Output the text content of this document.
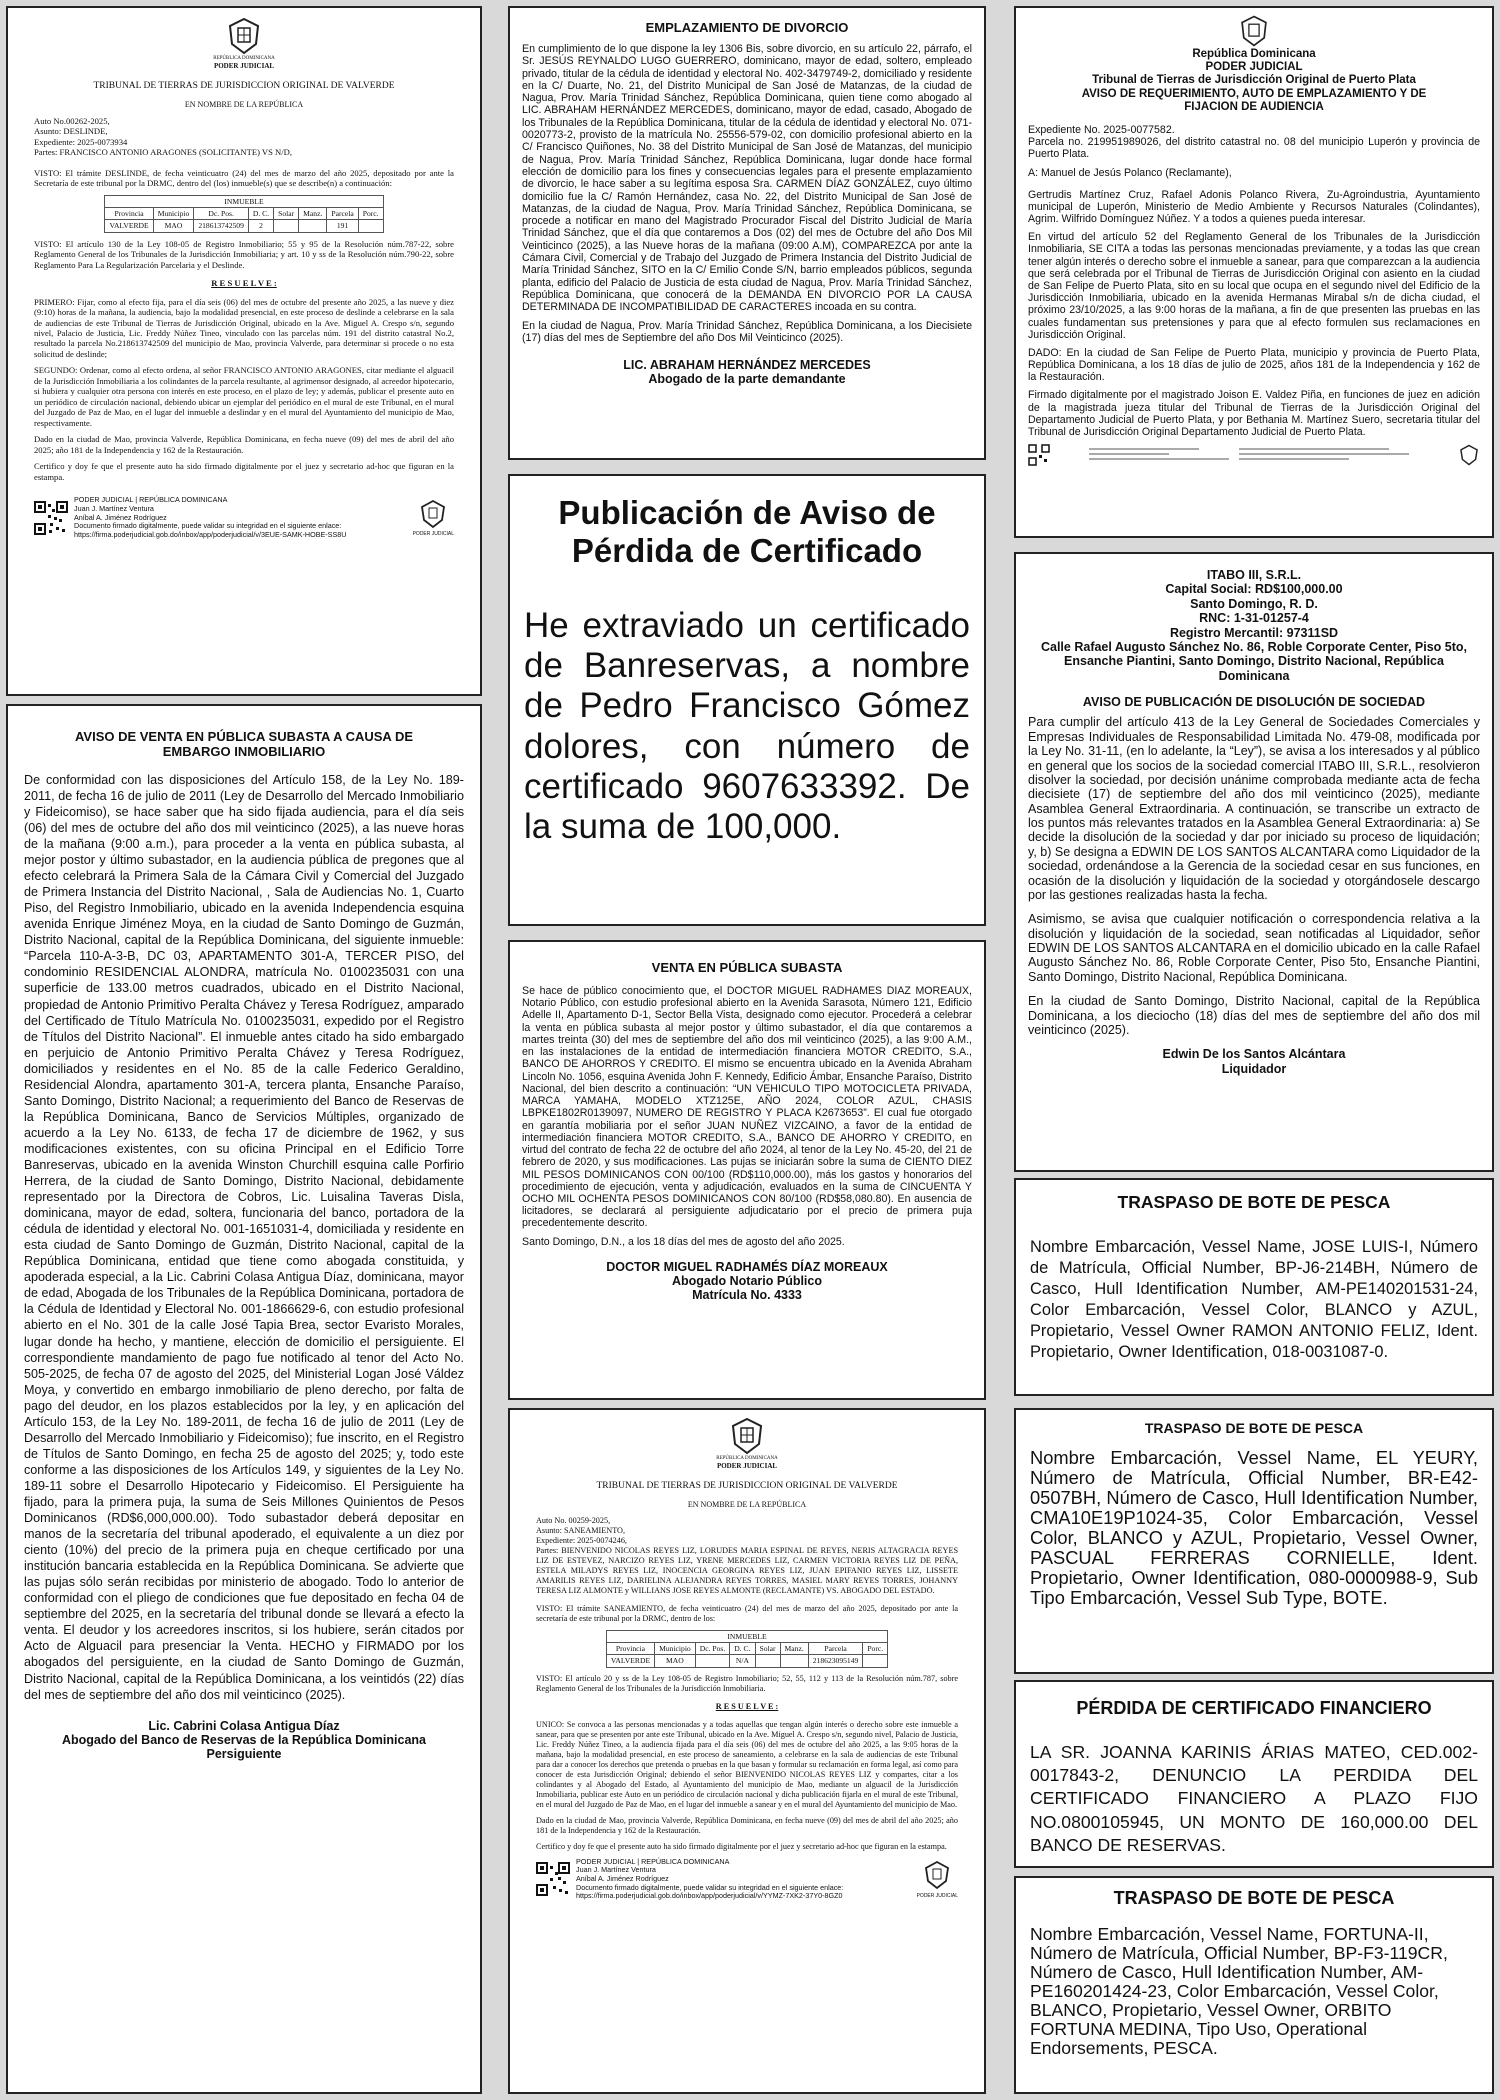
REPÚBLICA DOMINICANA
PODER JUDICIAL
TRIBUNAL DE TIERRAS DE JURISDICCION ORIGINAL DE VALVERDE
EN NOMBRE DE LA REPÚBLICA
Auto No.00262-2025,
Asunto: DESLINDE,
Expediente: 2025-0073934
Partes: FRANCISCO ANTONIO ARAGONES (SOLICITANTE) VS N/D,

VISTO: El trámite DESLINDE, de fecha veinticuatro (24) del mes de marzo del año 2025, depositado por ante la Secretaría de este tribunal por la DRMC, dentro del (los) inmueble(s) que se describe(n) a continuación:

INMUEBLE							
Provincia	Municipio	Dc. Pos.	D. C.	Solar	Manz.	Parcela	Porc.
VALVERDE	MAO	218613742509	2			191	

VISTO: El artículo 130 de la Ley 108-05 de Registro Inmobiliario; 55 y 95 de la Resolución núm.787-22, sobre Reglamento General de los Tribunales de la Jurisdicción Inmobiliaria; y art. 10 y ss de la Resolución núm.790-22, sobre Reglamento Para La Regularización Parcelaria y el Deslinde.

R E S U E L V E :

PRIMERO: Fijar, como al efecto fija, para el día seis (06) del mes de octubre del presente año 2025, a las nueve y diez (9:10) horas de la mañana, la audiencia, bajo la modalidad presencial, en este proceso de deslinde a celebrarse en la sala de audiencias de este Tribunal de Tierras de Jurisdicción Original, ubicado en la Ave. Miguel A. Crespo s/n, segundo nivel, Palacio de Justicia, Lic. Freddy Núñez Tineo, vinculado con las parcelas núm. 191 del distrito catastral No.2, resultado la parcela No.218613742509 del municipio de Mao, provincia Valverde, para determinar si procede o no esta solicitud de deslinde;

SEGUNDO: Ordenar, como al efecto ordena, al señor FRANCISCO ANTONIO ARAGONES, citar mediante el alguacil de la Jurisdicción Inmobiliaria a los colindantes de la parcela resultante, al agrimensor designado, al acreedor hipotecario, si hubiera y cualquier otra persona con interés en este proceso, en el plazo de ley; y además, publicar el presente auto en un periódico de circulación nacional, debiendo ubicar un ejemplar del periódico en el mural de este Tribunal, en el mural del Juzgado de Paz de Mao, en el lugar del inmueble a deslindar y en el mural del Ayuntamiento del municipio de Mao, respectivamente.

Dado en la ciudad de Mao, provincia Valverde, República Dominicana, en fecha nueve (09) del mes de abril del año 2025; año 181 de la Independencia y 162 de la Restauración.

Certifico y doy fe que el presente auto ha sido firmado digitalmente por el juez y secretario ad-hoc que figuran en la estampa.

PODER JUDICIAL | REPÚBLICA DOMINICANA
Juan J. Martínez Ventura
Aníbal A. Jiménez Rodríguez
Documento firmado digitalmente, puede validar su integridad en el siguiente enlace:
https://firma.poderjudicial.gob.do/inbox/app/poderjudicial/v/3EUE-SAMK-HOBE-SS8U	PODER JUDICIAL
AVISO DE VENTA EN PÚBLICA SUBASTA A CAUSA DE EMBARGO INMOBILIARIO

De conformidad con las disposiciones del Artículo 158, de la Ley No. 189-2011, de fecha 16 de julio de 2011 (Ley de Desarrollo del Mercado Inmobiliario y Fideicomiso), se hace saber que ha sido fijada audiencia, para el día seis (06) del mes de octubre del año dos mil veinticinco (2025), a las nueve horas de la mañana (9:00 a.m.), para proceder a la venta en pública subasta, al mejor postor y último subastador, en la audiencia pública de pregones que al efecto celebrará la Primera Sala de la Cámara Civil y Comercial del Juzgado de Primera Instancia del Distrito Nacional, , Sala de Audiencias No. 1, Cuarto Piso, del Registro Inmobiliario, ubicado en la avenida Independencia esquina avenida Enrique Jiménez Moya, en la ciudad de Santo Domingo de Guzmán, Distrito Nacional, capital de la República Dominicana, del siguiente inmueble: “Parcela 110-A-3-B, DC 03, APARTAMENTO 301-A, TERCER PISO, del condominio RESIDENCIAL ALONDRA, matrícula No. 0100235031 con una superficie de 133.00 metros cuadrados, ubicado en el Distrito Nacional, propiedad de Antonio Primitivo Peralta Chávez y Teresa Rodríguez, amparado del Certificado de Título Matrícula No. 0100235031, expedido por el Registro de Títulos del Distrito Nacional”. El inmueble antes citado ha sido embargado en perjuicio de Antonio Primitivo Peralta Chávez y Teresa Rodríguez, domiciliados y residentes en el No. 85 de la calle Federico Geraldino, Residencial Alondra, apartamento 301-A, tercera planta, Ensanche Paraíso, Santo Domingo, Distrito Nacional; a requerimiento del Banco de Reservas de la República Dominicana, Banco de Servicios Múltiples, organizado de acuerdo a la Ley No. 6133, de fecha 17 de diciembre de 1962, y sus modificaciones existentes, con su oficina Principal en el Edificio Torre Banreservas, ubicado en la avenida Winston Churchill esquina calle Porfirio Herrera, de la ciudad de Santo Domingo, Distrito Nacional, debidamente representado por la Directora de Cobros, Lic. Luisalina Taveras Disla, dominicana, mayor de edad, soltera, funcionaria del banco, portadora de la cédula de identidad y electoral No. 001-1651031-4, domiciliada y residente en esta ciudad de Santo Domingo de Guzmán, Distrito Nacional, capital de la República Dominicana, entidad que tiene como abogada constituida, y apoderada especial, a la Lic. Cabrini Colasa Antigua Díaz, dominicana, mayor de edad, Abogada de los Tribunales de la República Dominicana, portadora de la Cédula de Identidad y Electoral No. 001-1866629-6, con estudio profesional abierto en el No. 301 de la calle José Tapia Brea, sector Evaristo Morales, lugar donde ha hecho, y mantiene, elección de domicilio el persiguiente. El correspondiente mandamiento de pago fue notificado al tenor del Acto No. 505-2025, de fecha 07 de agosto del 2025, del Ministerial Logan José Váldez Moya, y convertido en embargo inmobiliario de pleno derecho, por falta de pago del deudor, en los plazos establecidos por la ley, y en aplicación del Artículo 153, de la Ley No. 189-2011, de fecha 16 de julio de 2011 (Ley de Desarrollo del Mercado Inmobiliario y Fideicomiso); fue inscrito, en el Registro de Títulos de Santo Domingo, en fecha 25 de agosto del 2025; y, todo este conforme a las disposiciones de los Artículos 149, y siguientes de la Ley No. 189-11 sobre el Desarrollo Hipotecario y Fideicomiso. El Persiguiente ha fijado, para la primera puja, la suma de Seis Millones Quinientos de Pesos Dominicanos (RD$6,000,000.00). Todo subastador deberá depositar en manos de la secretaría del tribunal apoderado, el equivalente a un diez por ciento (10%) del precio de la primera puja en cheque certificado por una institución bancaria establecida en la República Dominicana. Se advierte que las pujas sólo serán recibidas por ministerio de abogado. Todo lo anterior de conformidad con el pliego de condiciones que fue depositado en fecha 04 de septiembre del 2025, en la secretaría del tribunal donde se llevará a efecto la venta. El deudor y los acreedores inscritos, si los hubiere, serán citados por Acto de Alguacil para presenciar la Venta. HECHO y FIRMADO por los abogados del persiguiente, en la ciudad de Santo Domingo de Guzmán, Distrito Nacional, capital de la República Dominicana, a los veintidós (22) días del mes de septiembre del año dos mil veinticinco (2025).

Lic. Cabrini Colasa Antigua Díaz
Abogado del Banco de Reservas de la República Dominicana
Persiguiente
EMPLAZAMIENTO DE DIVORCIO

En cumplimiento de lo que dispone la ley 1306 Bis, sobre divorcio, en su artículo 22, párrafo, el Sr. JESÚS REYNALDO LUGO GUERRERO, dominicano, mayor de edad, soltero, empleado privado, titular de la cédula de identidad y electoral No. 402-3479749-2, domiciliado y residente en la C/ Duarte, No. 21, del Distrito Municipal de San José de Matanzas, de la ciudad de Nagua, Prov. María Trinidad Sánchez, República Dominicana, quien tiene como abogado al LIC. ABRAHAM HERNÁNDEZ MERCEDES, dominicano, mayor de edad, casado, Abogado de los Tribunales de la República Dominicana, titular de la cédula de identidad y electoral No. 071-0020773-2, provisto de la matrícula No. 25556-579-02, con domicilio profesional abierto en la C/ Francisco Quiñones, No. 38 del Distrito Municipal de San José de Matanzas, del municipio de Nagua, Prov. María Trinidad Sánchez, República Dominicana, lugar donde hace formal elección de domicilio para los fines y consecuencias legales para el presente emplazamiento de divorcio, le hace saber a su legítima esposa Sra. CARMEN DÍAZ GONZÁLEZ, cuyo último domicilio fue la C/ Ramón Hernández, casa No. 22, del Distrito Municipal de San José de Matanzas, de la ciudad de Nagua, Prov. María Trinidad Sánchez, República Dominicana, se procede a notificar en mano del Magistrado Procurador Fiscal del Distrito Judicial de María Trinidad Sánchez, que el día que contaremos a Dos (02) del mes de Octubre del año Dos Mil Veinticinco (2025), a las Nueve horas de la mañana (09:00 A.M), COMPAREZCA por ante la Cámara Civil, Comercial y de Trabajo del Juzgado de Primera Instancia del Distrito Judicial de María Trinidad Sánchez, SITO en la C/ Emilio Conde S/N, barrio empleados públicos, segunda planta, edificio del Palacio de Justicia de esta ciudad de Nagua, Prov. María Trinidad Sánchez, República Dominicana, que conocerá de la DEMANDA EN DIVORCIO POR LA CAUSA DETERMINADA DE INCOMPATIBILIDAD DE CARACTERES incoada en su contra.

En la ciudad de Nagua, Prov. María Trinidad Sánchez, República Dominicana, a los Diecisiete (17) días del mes de Septiembre del año Dos Mil Veinticinco (2025).

LIC. ABRAHAM HERNÁNDEZ MERCEDES
Abogado de la parte demandante
Publicación de Aviso de Pérdida de Certificado

He extraviado un certificado de Banreservas, a nombre de Pedro Francisco Gómez dolores, con número de certificado 9607633392. De la suma de 100,000.

VENTA EN PÚBLICA SUBASTA

Se hace de público conocimiento que, el DOCTOR MIGUEL RADHAMES DIAZ MOREAUX, Notario Público, con estudio profesional abierto en la Avenida Sarasota, Número 121, Edificio Adelle II, Apartamento D-1, Sector Bella Vista, designado como ejecutor. Procederá a celebrar la venta en pública subasta al mejor postor y último subastador, el día que contaremos a martes treinta (30) del mes de septiembre del año dos mil veinticinco (2025), a las 9:00 A.M., en las instalaciones de la entidad de intermediación financiera MOTOR CREDITO, S.A., BANCO DE AHORROS Y CREDITO. El mismo se encuentra ubicado en la Avenida Abraham Lincoln No. 1056, esquina Avenida John F. Kennedy, Edificio Ámbar, Ensanche Paraíso, Distrito Nacional, del bien descrito a continuación: “UN VEHICULO TIPO MOTOCICLETA PRIVADA, MARCA YAMAHA, MODELO XTZ125E, AÑO 2024, COLOR AZUL, CHASIS LBPKE1802R0139097, NUMERO DE REGISTRO Y PLACA K2673653”. El cual fue otorgado en garantía mobiliaria por el señor JUAN NUÑEZ VIZCAINO, a favor de la entidad de intermediación financiera MOTOR CREDITO, S.A., BANCO DE AHORRO Y CREDITO, en virtud del contrato de fecha 22 de octubre del año 2024, al tenor de la Ley No. 45-20, del 21 de febrero de 2020, y sus modificaciones. Las pujas se iniciarán sobre la suma de CIENTO DIEZ MIL PESOS DOMINICANOS CON 00/100 (RD$110,000.00), más los gastos y honorarios del procedimiento de ejecución, venta y adjudicación, evaluados en la suma de CINCUENTA Y OCHO MIL OCHENTA PESOS DOMINICANOS CON 80/100 (RD$58,080.80). En ausencia de licitadores, se declarará al persiguiente adjudicatario por el precio de primera puja precedentemente descrito.

Santo Domingo, D.N., a los 18 días del mes de agosto del año 2025.

DOCTOR MIGUEL RADHAMÉS DÍAZ MOREAUX
Abogado Notario Público
Matrícula No. 4333
REPÚBLICA DOMINICANA
PODER JUDICIAL
TRIBUNAL DE TIERRAS DE JURISDICCION ORIGINAL DE VALVERDE
EN NOMBRE DE LA REPÚBLICA
Auto No. 00259-2025,
Asunto: SANEAMIENTO,
Expediente: 2025-0074246,
Partes: BIENVENIDO NICOLAS REYES LIZ, LORUDES MARIA ESPINAL DE REYES, NERIS ALTAGRACIA REYES LIZ DE ESTEVEZ, NARCIZO REYES LIZ, YRENE MERCEDES LIZ, CARMEN VICTORIA REYES LIZ DE PEÑA, ESTELA MILADYS REYES LIZ, INOCENCIA GEORGINA REYES LIZ, JUAN EPIFANIO REYES LIZ, LISSETE AMARILIS REYES LIZ, DARIELINA ALEJANDRA REYES TORRES, MASIEL MARY REYES TORRES, JOHANNY TERESA LIZ ALMONTE y WILLIANS JOSE REYES ALMONTE (RECLAMANTE) VS. ABOGADO DEL ESTADO.

VISTO: El trámite SANEAMIENTO, de fecha veinticuatro (24) del mes de marzo del año 2025, depositado por ante la secretaría de este tribunal por la DRMC, dentro de los:

INMUEBLE							
Provincia	Municipio	Dc. Pos.	D. C.	Solar	Manz.	Parcela	Porc.
VALVERDE	MAO		N/A			218623095149	

VISTO: El artículo 20 y ss de la Ley 108-05 de Registro Inmobiliario; 52, 55, 112 y 113 de la Resolución núm.787, sobre Reglamento General de los Tribunales de la Jurisdicción Inmobiliaria.

R E S U E L V E :

UNICO: Se convoca a las personas mencionadas y a todas aquellas que tengan algún interés o derecho sobre este inmueble a sanear, para que se presenten por ante este Tribunal, ubicado en la Ave. Miguel A. Crespo s/n, segundo nivel, Palacio de Justicia, Lic. Freddy Núñez Tineo, a la audiencia fijada para el día seis (06) del mes de octubre del año 2025, a las 9:05 horas de la mañana, bajo la modalidad presencial, en este proceso de saneamiento, a celebrarse en la sala de audiencias de este Tribunal para dar a conocer los derechos que pretenda o pruebas en la que basan y formular su reclamación en forma legal, así como para conocer de esta Jurisdicción Original; debiendo el señor BIENVENIDO NICOLAS REYES LIZ y compartes, citar a los colindantes y al Abogado del Estado, al Ayuntamiento del municipio de Mao, mediante un alguacil de la Jurisdicción Inmobiliaria, publicar este Auto en un periódico de circulación nacional y dicha publicación fijarla en el mural de este Tribunal, en el mural del Juzgado de Paz de Mao, en el lugar del inmueble a sanear y en el mural del Ayuntamiento del municipio de Mao.

Dado en la ciudad de Mao, provincia Valverde, República Dominicana, en fecha nueve (09) del mes de abril del año 2025; año 181 de la Independencia y 162 de la Restauración.

Certifico y doy fe que el presente auto ha sido firmado digitalmente por el juez y secretario ad-hoc que figuran en la estampa.

PODER JUDICIAL | REPÚBLICA DOMINICANA
Juan J. Martínez Ventura
Aníbal A. Jiménez Rodríguez
Documento firmado digitalmente, puede validar su integridad en el siguiente enlace:
https://firma.poderjudicial.gob.do/inbox/app/poderjudicial/v/YYMZ-7XK2-37Y0-8GZ0	PODER JUDICIAL
República Dominicana
PODER JUDICIAL
Tribunal de Tierras de Jurisdicción Original de Puerto Plata
AVISO DE REQUERIMIENTO, AUTO DE EMPLAZAMIENTO Y DE FIJACION DE AUDIENCIA
Expediente No. 2025-0077582.

Parcela no. 219951989026, del distrito catastral no. 08 del municipio Luperón y provincia de Puerto Plata.

A: Manuel de Jesús Polanco (Reclamante),

Gertrudis Martínez Cruz, Rafael Adonis Polanco Rivera, Zu-Agroindustria, Ayuntamiento municipal de Luperón, Ministerio de Medio Ambiente y Recursos Naturales (Colindantes), Agrim. Wilfrido Domínguez Núñez. Y a todos a quienes pueda interesar.

En virtud del artículo 52 del Reglamento General de los Tribunales de la Jurisdicción Inmobiliaria, SE CITA a todas las personas mencionadas previamente, y a todas las que crean tener algún interés o derecho sobre el inmueble a sanear, para que comparezcan a la audiencia que será celebrada por el Tribunal de Tierras de Jurisdicción Original con asiento en la ciudad de San Felipe de Puerto Plata, sito en su local que ocupa en el segundo nivel del Edificio de la Jurisdicción Inmobiliaria, ubicado en la avenida Hermanas Mirabal s/n de dicha ciudad, el próximo 23/10/2025, a las 9:00 horas de la mañana, a fin de que presenten las pruebas en las cuales fundamentan sus pretensiones y para que al efecto formulen sus reclamaciones en Jurisdicción Original.

DADO: En la ciudad de San Felipe de Puerto Plata, municipio y provincia de Puerto Plata, República Dominicana, a los 18 días de julio de 2025, años 181 de la Independencia y 162 de la Restauración.

Firmado digitalmente por el magistrado Joison E. Valdez Piña, en funciones de juez en adición de la magistrada jueza titular del Tribunal de Tierras de la Jurisdicción Original del Departamento Judicial de Puerto Plata, y por Bethania M. Martínez Suero, secretaria titular del Tribunal de Jurisdicción Original Departamento Judicial de Puerto Plata.

ITABO III, S.R.L.
Capital Social: RD$100,000.00
Santo Domingo, R. D.
RNC: 1-31-01257-4
Registro Mercantil: 97311SD
Calle Rafael Augusto Sánchez No. 86, Roble Corporate Center, Piso 5to,
Ensanche Piantini, Santo Domingo, Distrito Nacional, República Dominicana
AVISO DE PUBLICACIÓN DE DISOLUCIÓN DE SOCIEDAD

Para cumplir del artículo 413 de la Ley General de Sociedades Comerciales y Empresas Individuales de Responsabilidad Limitada No. 479-08, modificada por la Ley No. 31-11, (en lo adelante, la “Ley”), se avisa a los interesados y al público en general que los socios de la sociedad comercial ITABO III, S.R.L., resolvieron disolver la sociedad, por decisión unánime comprobada mediante acta de fecha diecisiete (17) de septiembre del año dos mil veinticinco (2025), mediante Asamblea General Extraordinaria. A continuación, se transcribe un extracto de los puntos más relevantes tratados en la Asamblea General Extraordinaria: a) Se decide la disolución de la sociedad y dar por iniciado su proceso de liquidación; y, b) Se designa a EDWIN DE LOS SANTOS ALCANTARA como Liquidador de la sociedad, ordenándose a la Gerencia de la sociedad cesar en sus funciones, en ocasión de la disolución y liquidación de la sociedad y otorgándosele descargo por las gestiones realizadas hasta la fecha.

Asimismo, se avisa que cualquier notificación o correspondencia relativa a la disolución y liquidación de la sociedad, sean notificadas al Liquidador, señor EDWIN DE LOS SANTOS ALCANTARA en el domicilio ubicado en la calle Rafael Augusto Sánchez No. 86, Roble Corporate Center, Piso 5to, Ensanche Piantini, Santo Domingo, Distrito Nacional, República Dominicana.

En la ciudad de Santo Domingo, Distrito Nacional, capital de la República Dominicana, a los dieciocho (18) días del mes de septiembre del año dos mil veinticinco (2025).

Edwin De los Santos Alcántara
Liquidador
TRASPASO DE BOTE DE PESCA

Nombre Embarcación, Vessel Name, JOSE LUIS-I, Número de Matrícula, Official Number, BP-J6-214BH, Número de Casco, Hull Identification Number, AM-PE140201531-24, Color Embarcación, Vessel Color, BLANCO y AZUL, Propietario, Vessel Owner RAMON ANTONIO FELIZ, Ident. Propietario, Owner Identification, 018-0031087-0.

TRASPASO DE BOTE DE PESCA

Nombre Embarcación, Vessel Name, EL YEURY, Número de Matrícula, Official Number, BR-E42-0507BH, Número de Casco, Hull Identification Number, CMA10E19P1024-35, Color Embarcación, Vessel Color, BLANCO y AZUL, Propietario, Vessel Owner, PASCUAL FERRERAS CORNIELLE, Ident. Propietario, Owner Identification, 080-0000988-9, Sub Tipo Embarcación, Vessel Sub Type, BOTE.

PÉRDIDA DE CERTIFICADO FINANCIERO

LA SR. JOANNA KARINIS ÁRIAS MATEO, CED.002-0017843-2, DENUNCIO LA PERDIDA DEL CERTIFICADO FINANCIERO A PLAZO FIJO NO.0800105945, UN MONTO DE 160,000.00 DEL BANCO DE RESERVAS.

TRASPASO DE BOTE DE PESCA

Nombre Embarcación, Vessel Name, FORTUNA-II, Número de Matrícula, Official Number, BP-F3-119CR, Número de Casco, Hull Identification Number, AM-PE160201424-23, Color Embarcación, Vessel Color, BLANCO, Propietario, Vessel Owner, ORBITO FORTUNA MEDINA, Tipo Uso, Operational Endorsements, PESCA.
